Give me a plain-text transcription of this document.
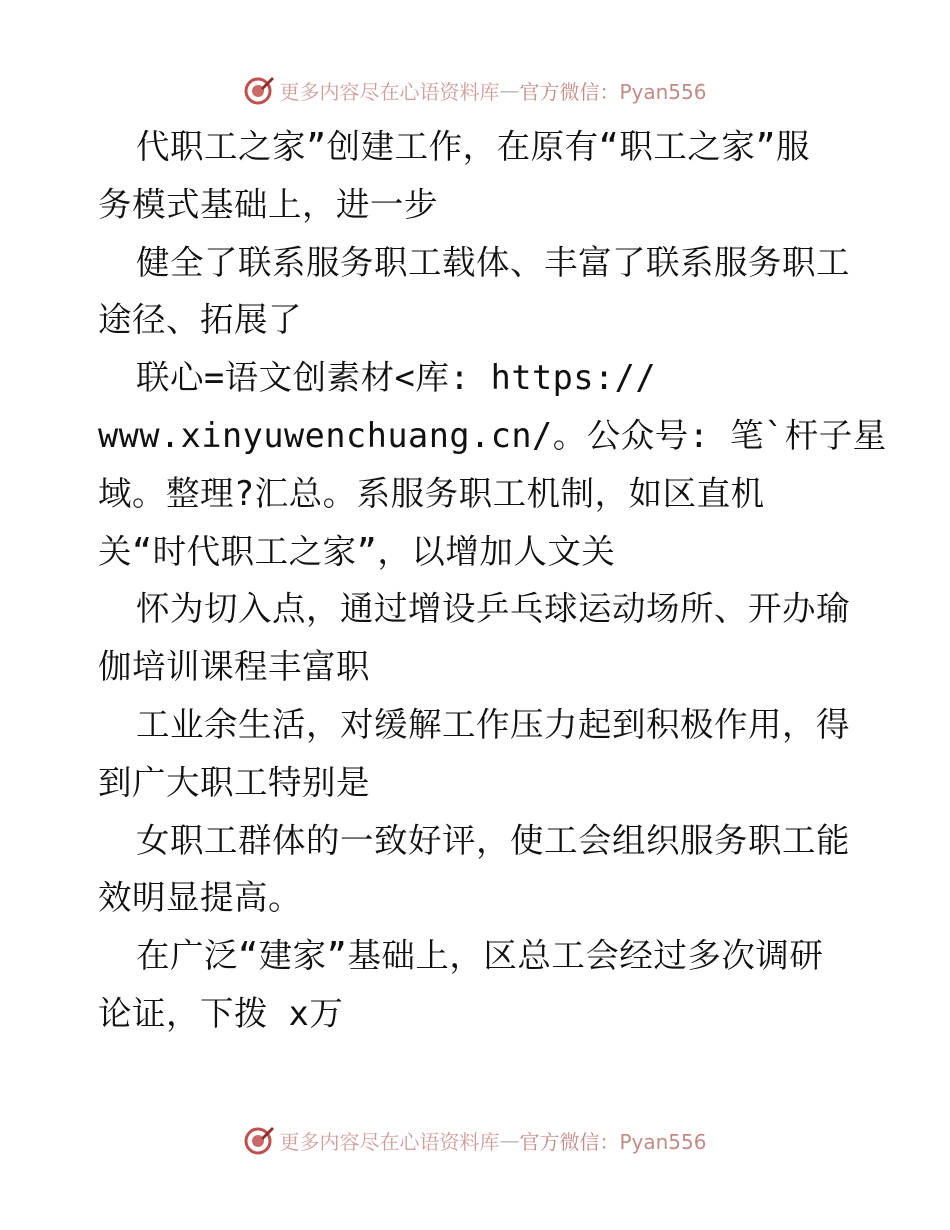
更多内容尽在心语资料库 — 官方微信：Pyan556
代职工之家”创建工作，在原有“职工之家”服
务模式基础上，进一步
健全了联系服务职工载体、丰富了联系服务职工
途径、拓展了
联心=语文创素材<库: https://
www.xinyuwenchuang.cn/。公众号: 笔`杆子星
域。整理?汇总。系服务职工机制，如区直机
关“时代职工之家”，以增加人文关
怀为切入点，通过增设乒乓球运动场所、开办瑜
伽培训课程丰富职
工业余生活，对缓解工作压力起到积极作用，得
到广大职工特别是
女职工群体的一致好评，使工会组织服务职工能
效明显提高。
在广泛“建家”基础上，区总工会经过多次调研
论证，下拨 x万
更多内容尽在心语资料库 — 官方微信：Pyan556
